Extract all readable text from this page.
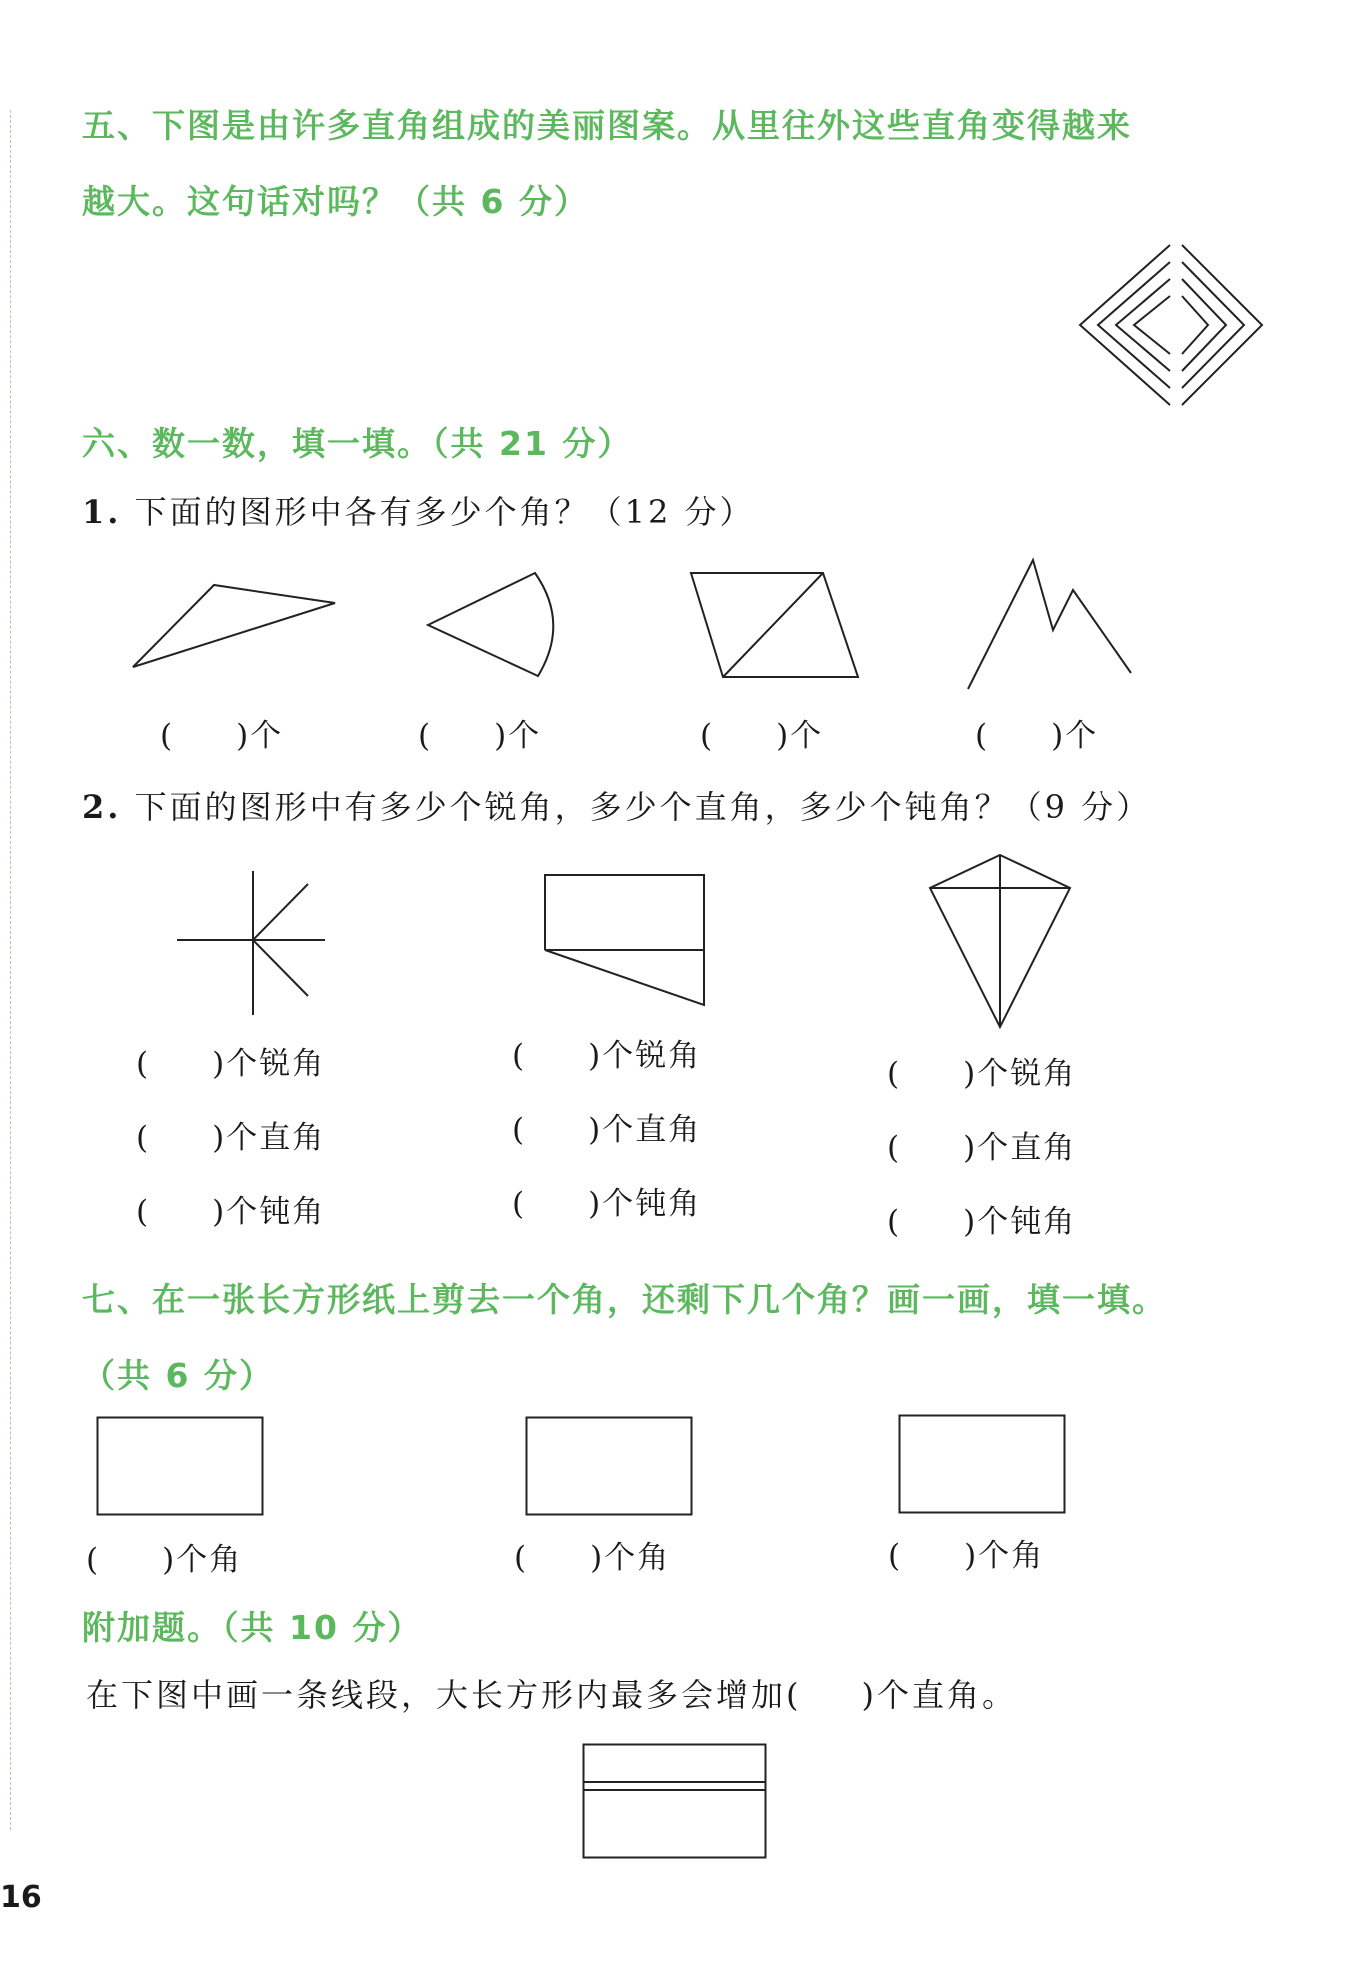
五、下图是由许多直角组成的美丽图案。从里往外这些直角变得越来
越大。这句话对吗？（共 6 分）
六、数一数，填一填。（共 21 分）
1. 下面的图形中各有多少个角？（12 分）
( )个	( )个	( )个	( )个
2. 下面的图形中有多少个锐角，多少个直角，多少个钝角？（9 分）
( )个锐角
( )个直角
( )个钝角
( )个锐角
( )个直角
( )个钝角
( )个锐角
( )个直角
( )个钝角
七、在一张长方形纸上剪去一个角，还剩下几个角？画一画，填一填。
（共 6 分）
( )个角	( )个角	( )个角
附加题。（共 10 分）
在下图中画一条线段，大长方形内最多会增加( )个直角。
16
